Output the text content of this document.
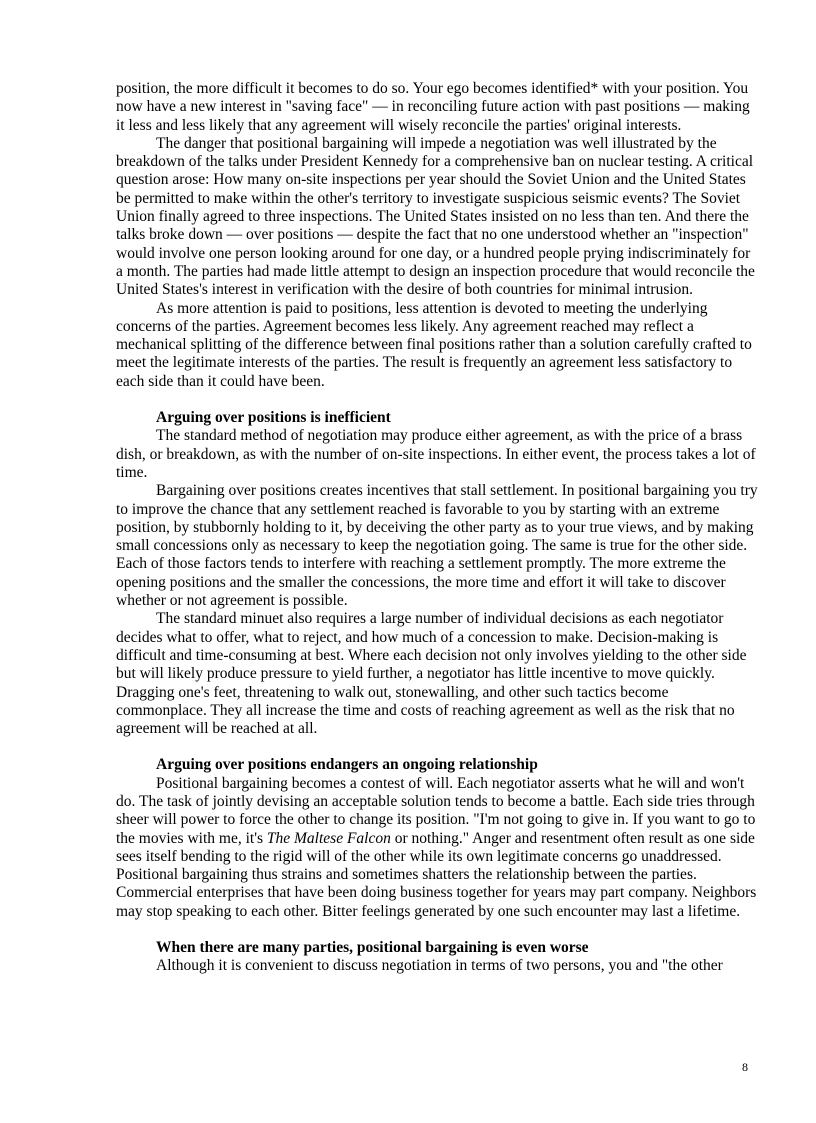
position, the more difficult it becomes to do so. Your ego becomes identified* with your position. You now have a new interest in "saving face" — in reconciling future action with past positions — making it less and less likely that any agreement will wisely reconcile the parties' original interests.

The danger that positional bargaining will impede a negotiation was well illustrated by the breakdown of the talks under President Kennedy for a comprehensive ban on nuclear testing. A critical question arose: How many on-site inspections per year should the Soviet Union and the United States be permitted to make within the other's territory to investigate suspicious seismic events? The Soviet Union finally agreed to three inspections. The United States insisted on no less than ten. And there the talks broke down — over positions — despite the fact that no one understood whether an "inspection" would involve one person looking around for one day, or a hundred people prying indiscriminately for a month. The parties had made little attempt to design an inspection procedure that would reconcile the United States's interest in verification with the desire of both countries for minimal intrusion.

As more attention is paid to positions, less attention is devoted to meeting the underlying concerns of the parties. Agreement becomes less likely. Any agreement reached may reflect a mechanical splitting of the difference between final positions rather than a solution carefully crafted to meet the legitimate interests of the parties. The result is frequently an agreement less satisfactory to each side than it could have been.

Arguing over positions is inefficient

The standard method of negotiation may produce either agreement, as with the price of a brass dish, or breakdown, as with the number of on-site inspections. In either event, the process takes a lot of time.

Bargaining over positions creates incentives that stall settlement. In positional bargaining you try to improve the chance that any settlement reached is favorable to you by starting with an extreme position, by stubbornly holding to it, by deceiving the other party as to your true views, and by making small concessions only as necessary to keep the negotiation going. The same is true for the other side. Each of those factors tends to interfere with reaching a settlement promptly. The more extreme the opening positions and the smaller the concessions, the more time and effort it will take to discover whether or not agreement is possible.

The standard minuet also requires a large number of individual decisions as each negotiator decides what to offer, what to reject, and how much of a concession to make. Decision-making is difficult and time-consuming at best. Where each decision not only involves yielding to the other side but will likely produce pressure to yield further, a negotiator has little incentive to move quickly. Dragging one's feet, threatening to walk out, stonewalling, and other such tactics become commonplace. They all increase the time and costs of reaching agreement as well as the risk that no agreement will be reached at all.

Arguing over positions endangers an ongoing relationship

Positional bargaining becomes a contest of will. Each negotiator asserts what he will and won't do. The task of jointly devising an acceptable solution tends to become a battle. Each side tries through sheer will power to force the other to change its position. "I'm not going to give in. If you want to go to the movies with me, it's The Maltese Falcon or nothing." Anger and resentment often result as one side sees itself bending to the rigid will of the other while its own legitimate concerns go unaddressed. Positional bargaining thus strains and sometimes shatters the relationship between the parties. Commercial enterprises that have been doing business together for years may part company. Neighbors may stop speaking to each other. Bitter feelings generated by one such encounter may last a lifetime.

When there are many parties, positional bargaining is even worse

Although it is convenient to discuss negotiation in terms of two persons, you and "the other

8
